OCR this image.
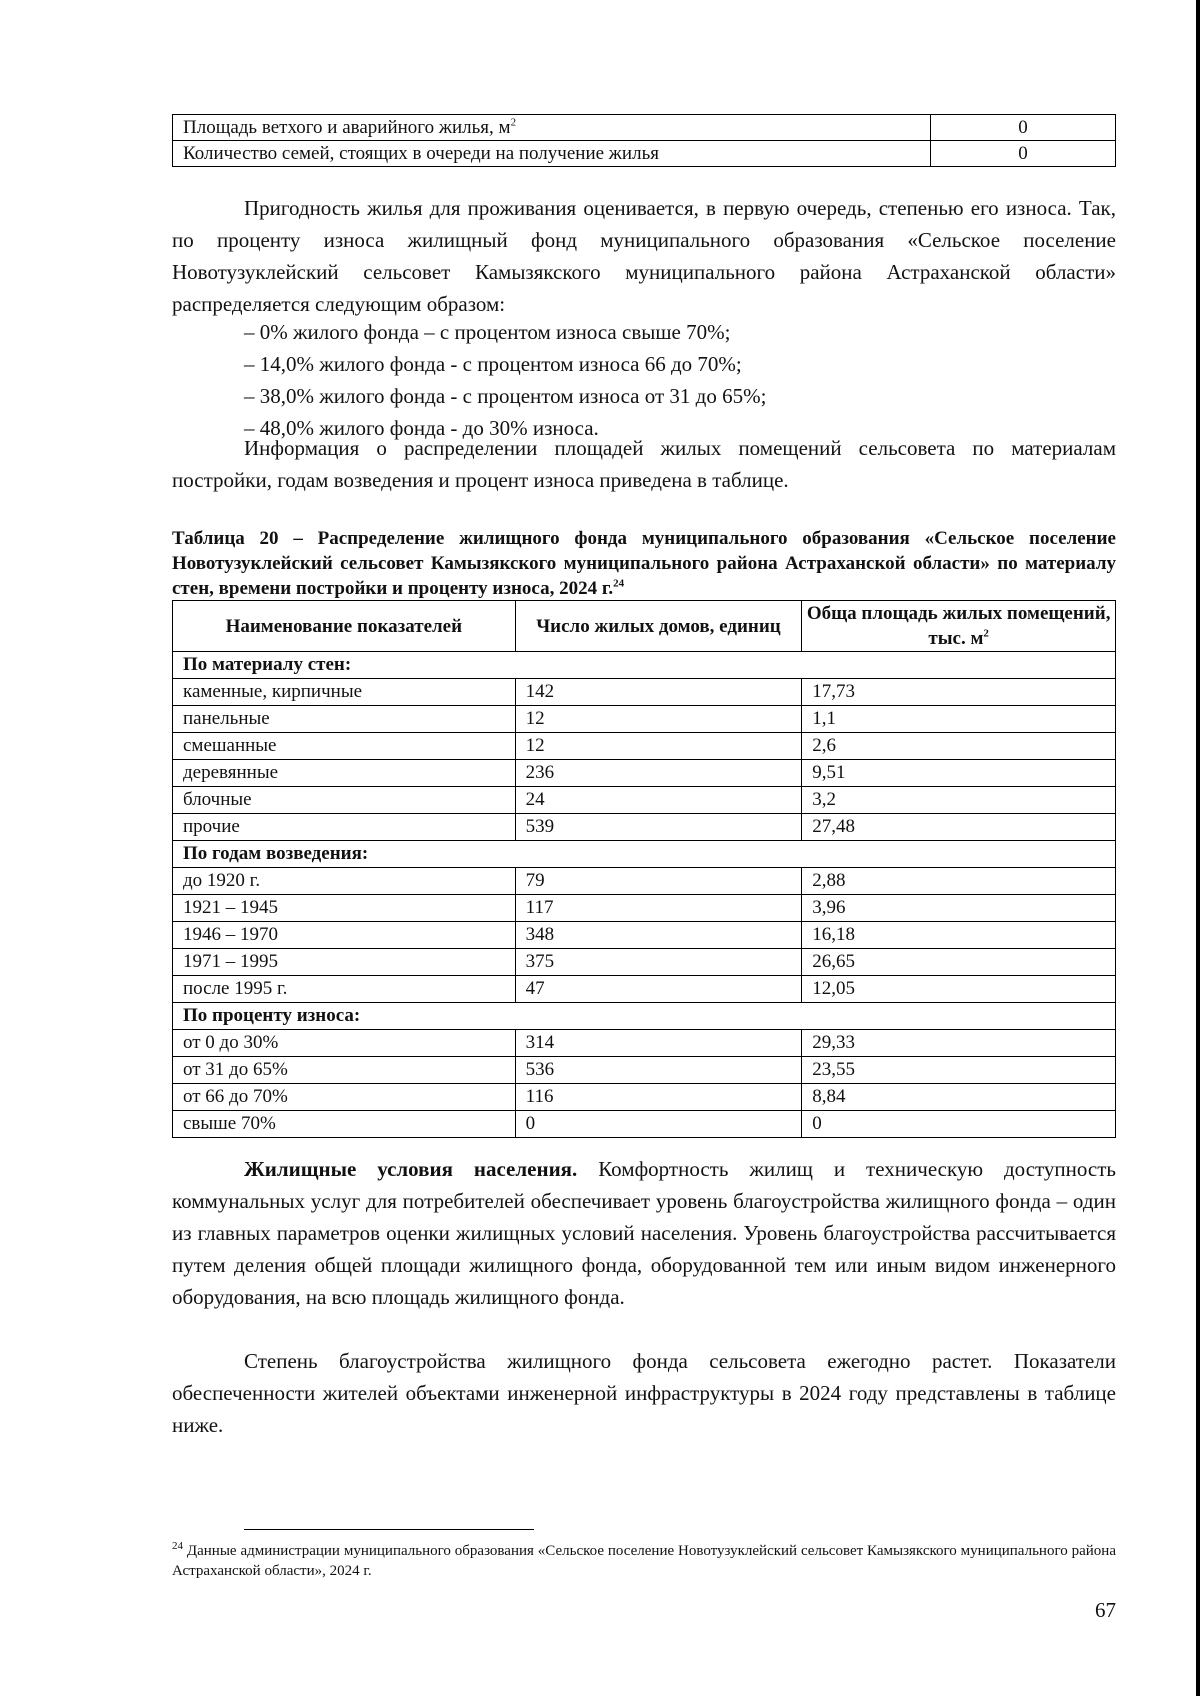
Площадь ветхого и аварийного жилья, $м^2$	0
Количество семей, стоящих в очереди на получение жилья	0

Пригодность жилья для проживания оценивается, в первую очередь, степенью его износа. Так, по проценту износа жилищный фонд муниципального образования «Сельское поселение Новотузуклейский сельсовет Камызякского муниципального района Астраханской области» распределяется следующим образом:

– 0% жилого фонда – с процентом износа свыше 70%;
– 14,0% жилого фонда - с процентом износа 66 до 70%;
– 38,0% жилого фонда - с процентом износа от 31 до 65%;
– 48,0% жилого фонда - до 30% износа.

Информация о распределении площадей жилых помещений сельсовета по материалам постройки, годам возведения и процент износа приведена в таблице.

Таблица 20 – Распределение жилищного фонда муниципального образования «Сельское поселение Новотузуклейский сельсовет Камызякского муниципального района Астраханской области» по материалу стен, времени постройки и проценту износа, 2024 г.$^{24}$

Наименование показателей	Число жилых домов, единиц	Обща площадь жилых помещений, тыс. $м^2$
По материалу стен:		
каменные, кирпичные	142	17,73
панельные	12	1,1
смешанные	12	2,6
деревянные	236	9,51
блочные	24	3,2
прочие	539	27,48
По годам возведения:		
до 1920 г.	79	2,88
1921 – 1945	117	3,96
1946 – 1970	348	16,18
1971 – 1995	375	26,65
после 1995 г.	47	12,05
По проценту износа:		
от 0 до 30%	314	29,33
от 31 до 65%	536	23,55
от 66 до 70%	116	8,84
свыше 70%	0	0

Жилищные условия населения. Комфортность жилищ и техническую доступность коммунальных услуг для потребителей обеспечивает уровень благоустройства жилищного фонда – один из главных параметров оценки жилищных условий населения. Уровень благоустройства рассчитывается путем деления общей площади жилищного фонда, оборудованной тем или иным видом инженерного оборудования, на всю площадь жилищного фонда.

Степень благоустройства жилищного фонда сельсовета ежегодно растет. Показатели обеспеченности жителей объектами инженерной инфраструктуры в 2024 году представлены в таблице ниже.

$^{24}$ Данные администрации муниципального образования «Сельское поселение Новотузуклейский сельсовет Камызякского муниципального района Астраханской области», 2024 г.

67
